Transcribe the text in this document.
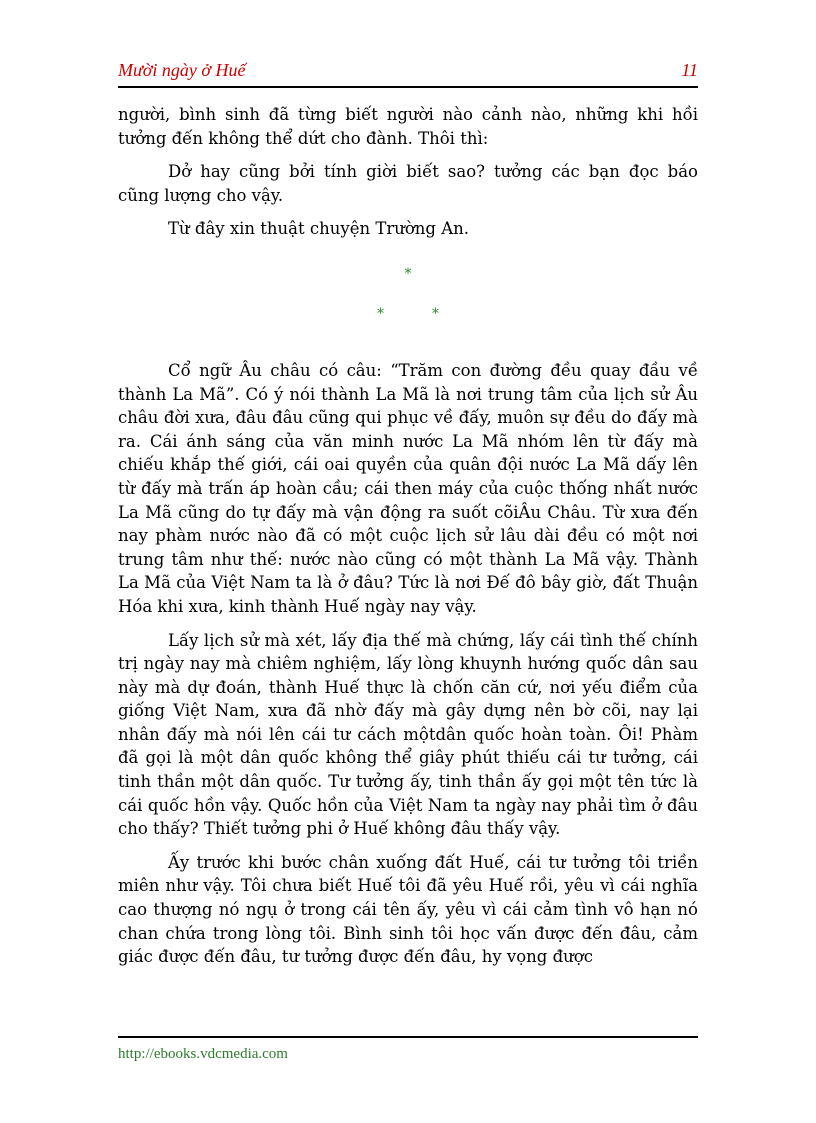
Mười ngày ở Huế	11

người, bình sinh đã từng biết người nào cảnh nào, những khi hồi tưởng đến không thể dứt cho đành. Thôi thì:

Dở hay cũng bởi tính giời biết sao? tưởng các bạn đọc báo cũng lượng cho vậy.

Từ đây xin thuật chuyện Trường An.

*
*	*

Cổ ngữ Âu châu có câu: “Trăm con đường đều quay đầu về thành La Mã”. Có ý nói thành La Mã là nơi trung tâm của lịch sử Âu châu đời xưa, đâu đâu cũng qui phục về đấy, muôn sự đều do đấy mà ra. Cái ánh sáng của văn minh nước La Mã nhóm lên từ đấy mà chiếu khắp thế giới, cái oai quyền của quân đội nước La Mã dấy lên từ đấy mà trấn áp hoàn cầu; cái then máy của cuộc thống nhất nước La Mã cũng do tự đấy mà vận động ra suốt cõiÂu Châu. Từ xưa đến nay phàm nước nào đã có một cuộc lịch sử lâu dài đều có một nơi trung tâm như thế: nước nào cũng có một thành La Mã vậy. Thành La Mã của Việt Nam ta là ở đâu? Tức là nơi Đế đô bây giờ, đất Thuận Hóa khi xưa, kinh thành Huế ngày nay vậy.

Lấy lịch sử mà xét, lấy địa thế mà chứng, lấy cái tình thế chính trị ngày nay mà chiêm nghiệm, lấy lòng khuynh hướng quốc dân sau này mà dự đoán, thành Huế thực là chốn căn cứ, nơi yếu điểm của giống Việt Nam, xưa đã nhờ đấy mà gây dựng nên bờ cõi, nay lại nhân đấy mà nói lên cái tư cách mộtdân quốc hoàn toàn. Ôi! Phàm đã gọi là một dân quốc không thể giây phút thiếu cái tư tưởng, cái tinh thần một dân quốc. Tư tưởng ấy, tinh thần ấy gọi một tên tức là cái quốc hồn vậy. Quốc hồn của Việt Nam ta ngày nay phải tìm ở đâu cho thấy? Thiết tưởng phi ở Huế không đâu thấy vậy.

Ấy trước khi bước chân xuống đất Huế, cái tư tưởng tôi triền miên như vậy. Tôi chưa biết Huế tôi đã yêu Huế rồi, yêu vì cái nghĩa cao thượng nó ngụ ở trong cái tên ấy, yêu vì cái cảm tình vô hạn nó chan chứa trong lòng tôi. Bình sinh tôi học vấn được đến đâu, cảm giác được đến đâu, tư tưởng được đến đâu, hy vọng được

http://ebooks.vdcmedia.com
